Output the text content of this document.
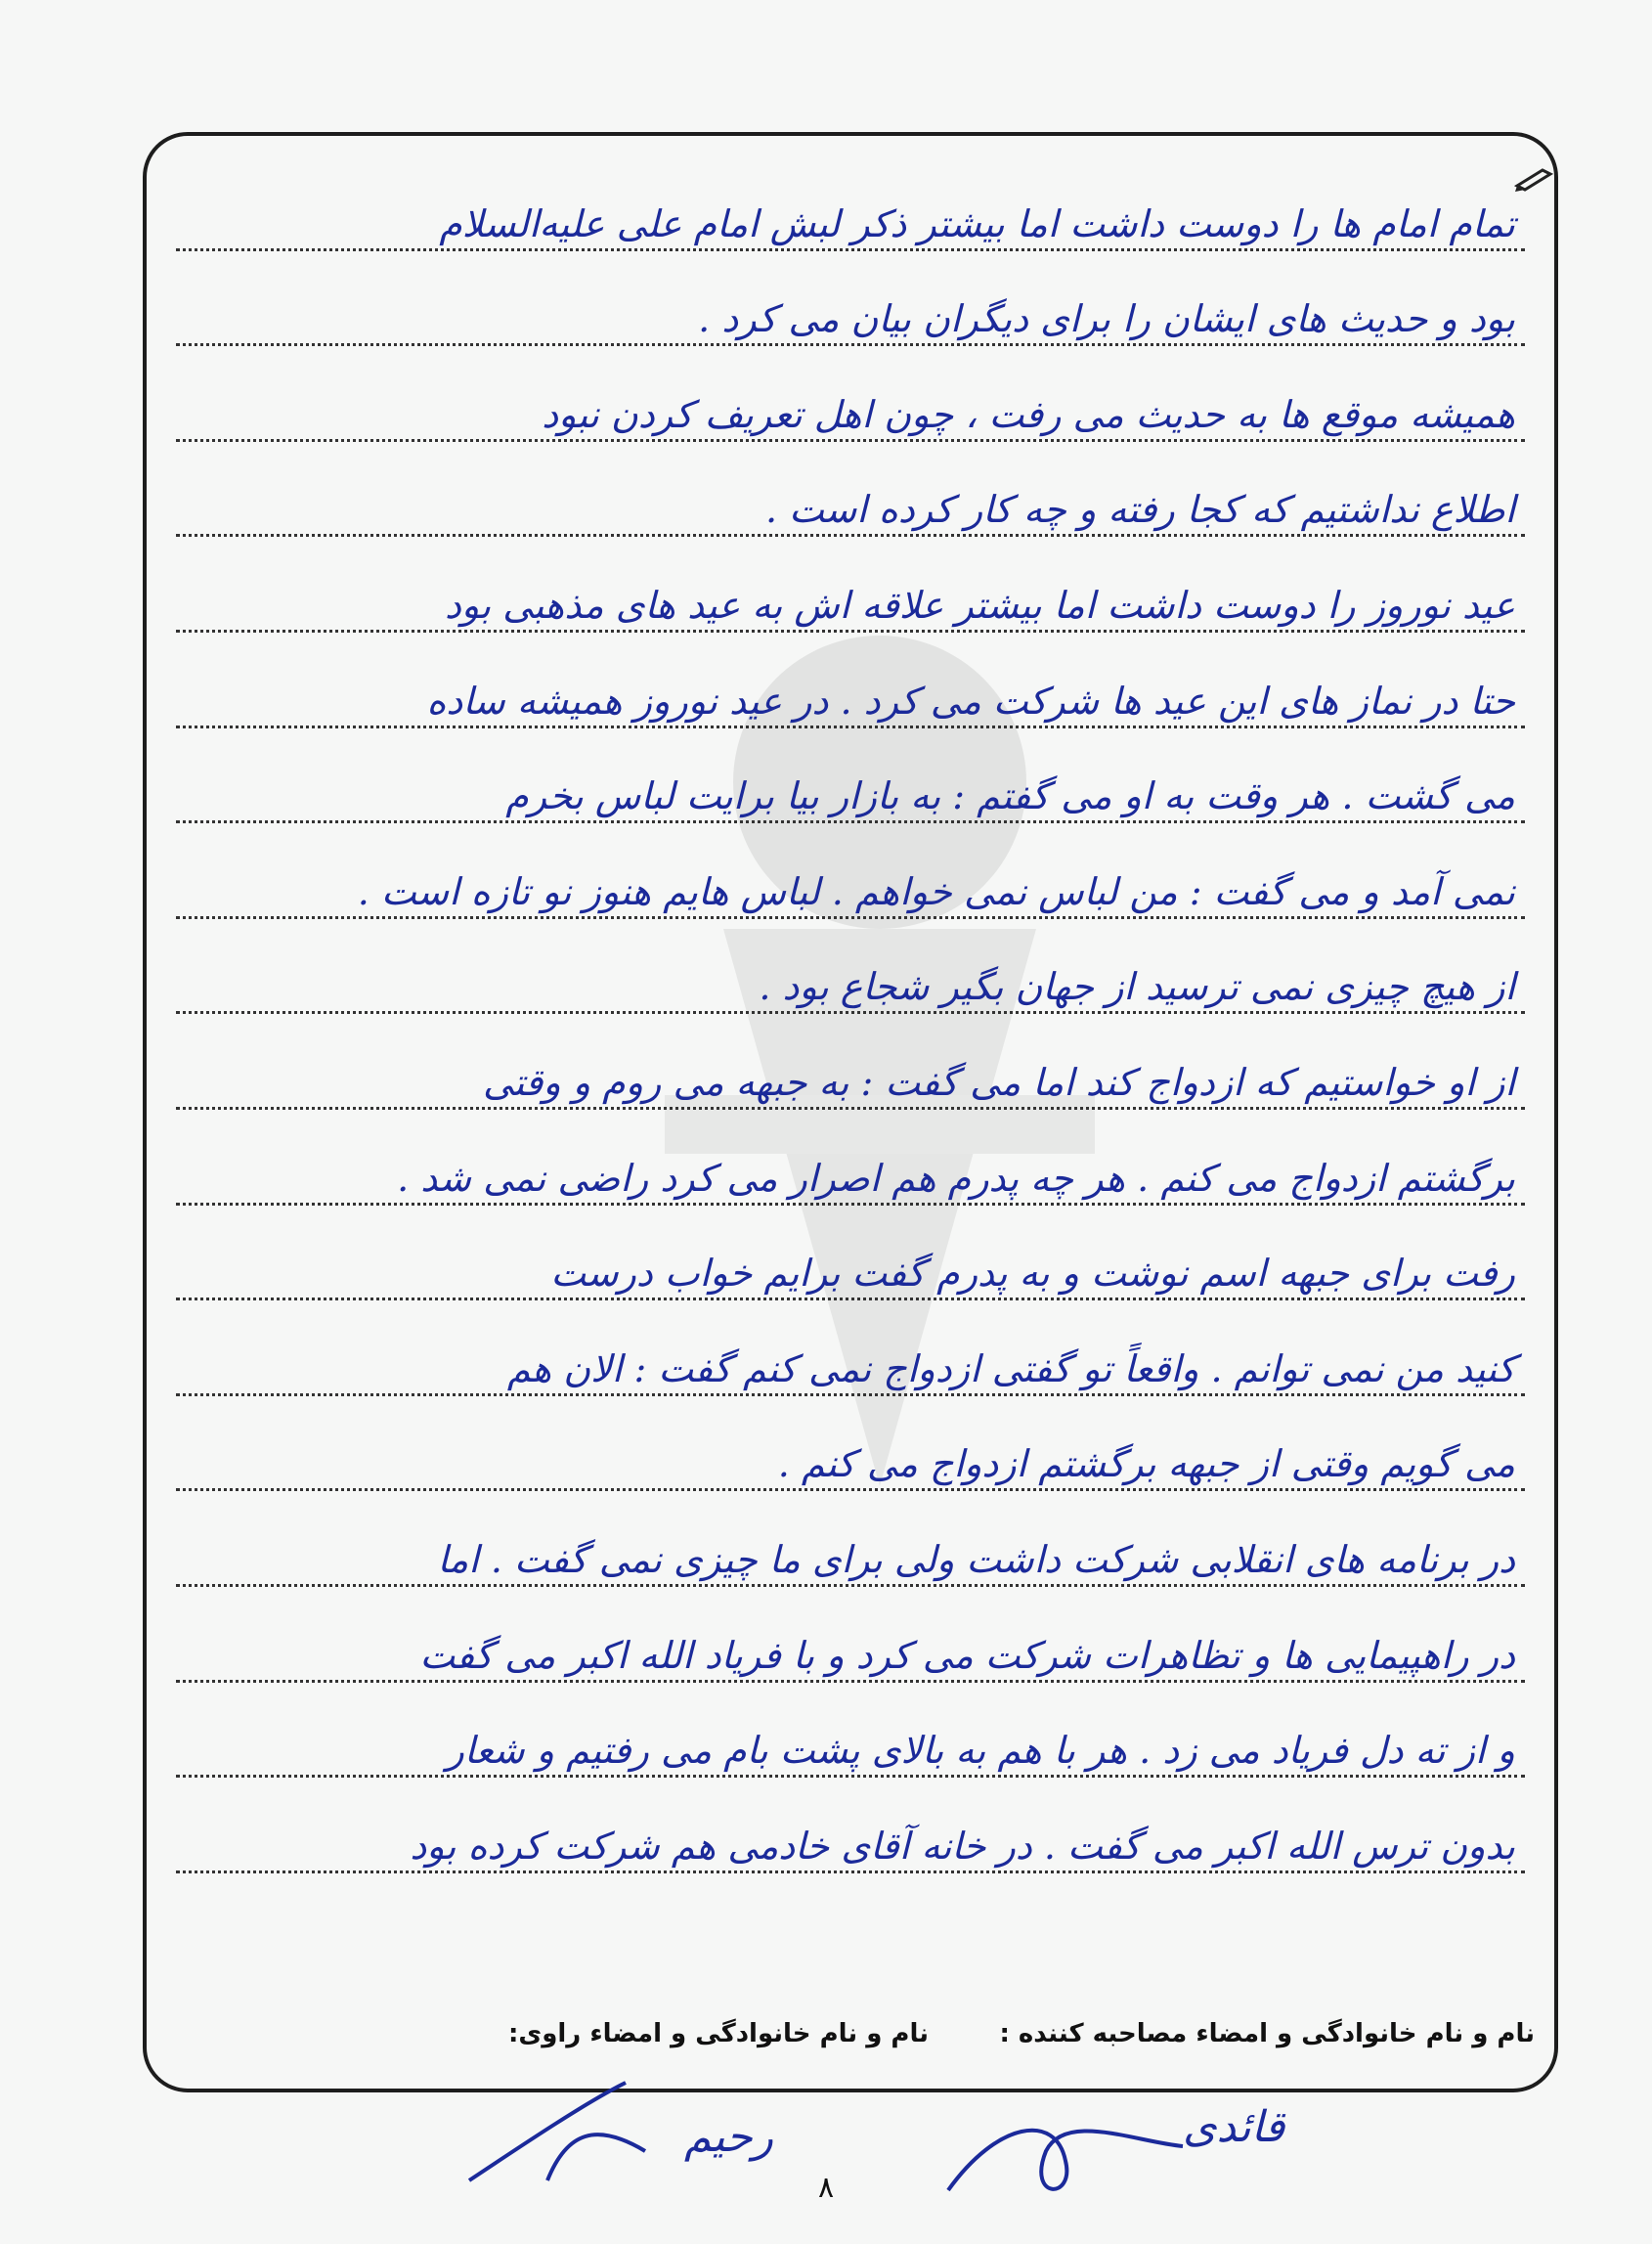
تمام امام ها را دوست داشت اما بیشتر ذکر لبش امام علی علیه‌السلام
بود و حدیث های ایشان را برای دیگران بیان می کرد .
همیشه موقع ها به حدیث می رفت ، چون اهل تعریف کردن نبود
اطلاع نداشتیم که کجا رفته و چه کار کرده است .
عید نوروز را دوست داشت اما بیشتر علاقه اش به عید های مذهبی بود
حتا در نماز های این عید ها شرکت می کرد . در عید نوروز همیشه ساده
می گشت . هر وقت به او می گفتم : به بازار بیا برایت لباس بخرم
نمی آمد و می گفت : من لباس نمی خواهم . لباس هایم هنوز نو تازه است .
از هیچ چیزی نمی ترسید از جهان بگیر شجاع بود .
از او خواستیم که ازدواج کند اما می گفت : به جبهه می روم و وقتی
برگشتم ازدواج می کنم . هر چه پدرم هم اصرار می کرد راضی نمی شد .
رفت برای جبهه اسم نوشت و به پدرم گفت برایم خواب درست
کنید من نمی توانم . واقعاً تو گفتی ازدواج نمی کنم گفت : الان هم
می گویم وقتی از جبهه برگشتم ازدواج می کنم .
در برنامه های انقلابی شرکت داشت ولی برای ما چیزی نمی گفت . اما
در راهپیمایی ها و تظاهرات شرکت می کرد و با فریاد الله اکبر می گفت
و از ته دل فریاد می زد . هر با هم به بالای پشت بام می رفتیم و شعار
بدون ترس الله اکبر می گفت . در خانه آقای خادمی هم شرکت کرده بود
نام و نام خانوادگی و امضاء مصاحبه کننده :
نام و نام خانوادگی و امضاء راوی:
قائدی
رحیم
۸
